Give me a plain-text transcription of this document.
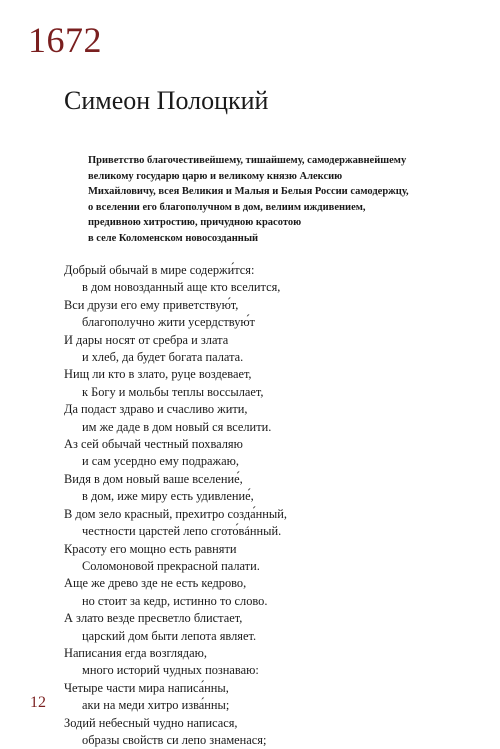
1672
Симеон Полоцкий
Приветство благочестивейшему, тишайшему, самодержавнейшему
великому государю царю и великому князю Алексию
Михайловичу, всея Великия и Малыя и Белыя России самодержцу,
о вселении его благополучном в дом, велиим иждивением,
предивною хитростию, причудною красотою
в селе Коломенском новосозданный
Добрый обычай в мире содержи́тся:
в дом новозданный аще кто вселится,
Вси друзи его ему приветствую́т,
благополучно жити усердствую́т
И дары носят от сребра и злата
и хлеб, да будет богата палата.
Нищ ли кто в злато, руце воздевает,
к Богу и мольбы теплы воссылает,
Да подаст здраво и счасливо жити,
им же даде в дом новый ся вселити.
Аз сей обычай честный похваляю
и сам усердно ему подражаю,
Видя в дом новый ваше вселение́,
в дом, иже миру есть удивление́,
В дом зело красный, прехитро созда́нный,
честности царстей лепо сгото́вáнный.
Красоту его мощно есть равняти
Соломоновой прекрасной палати.
Аще же древо зде не есть кедрово,
но стоит за кедр, истинно то слово.
А злато везде пресветло блистает,
царский дом быти лепота являет.
Написания егда возглядаю,
много историй чудных познаваю:
Четыре части мира написа́нны,
аки на меди хитро изва́нны;
Зодий небесный чудно написася,
образы свойств си лепо знаменася;
12
